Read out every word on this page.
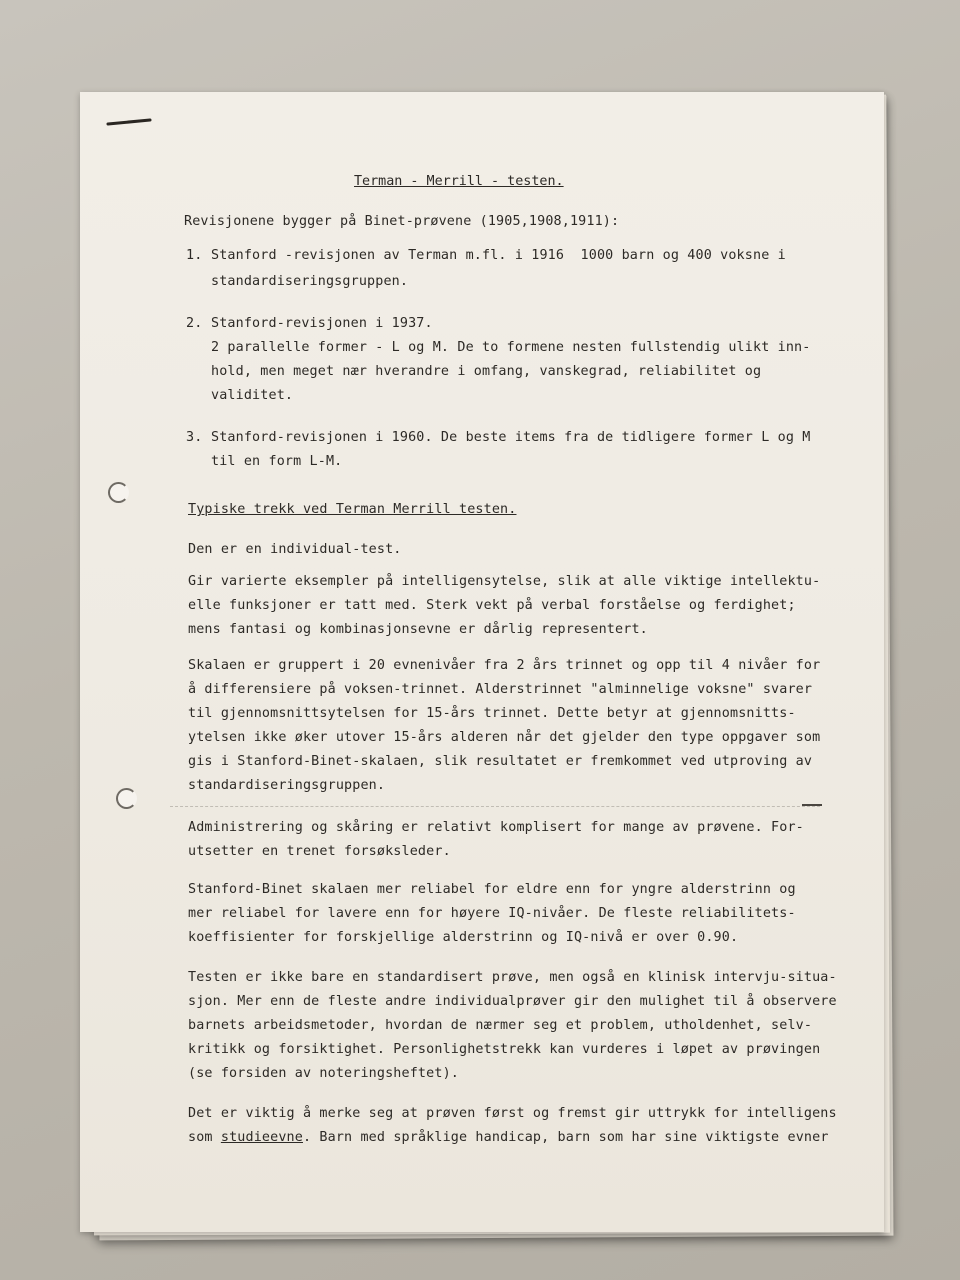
Terman - Merrill - testen.
Revisjonene bygger på Binet-prøvene (1905,1908,1911):
1. Stanford -revisjonen av Terman m.fl. i 1916  1000 barn og 400 voksne i
standardiseringsgruppen.
2. Stanford-revisjonen i 1937.
2 parallelle former - L og M. De to formene nesten fullstendig ulikt inn-
hold, men meget nær hverandre i omfang, vanskegrad, reliabilitet og
validitet.
3. Stanford-revisjonen i 1960. De beste items fra de tidligere former L og M
til en form L-M.
Typiske trekk ved Terman Merrill testen.
Den er en individual-test.
Gir varierte eksempler på intelligensytelse, slik at alle viktige intellektu-
elle funksjoner er tatt med. Sterk vekt på verbal forståelse og ferdighet;
mens fantasi og kombinasjonsevne er dårlig representert.
Skalaen er gruppert i 20 evnenivåer fra 2 års trinnet og opp til 4 nivåer for
å differensiere på voksen-trinnet. Alderstrinnet "alminnelige voksne" svarer
til gjennomsnittsytelsen for 15-års trinnet. Dette betyr at gjennomsnitts-
ytelsen ikke øker utover 15-års alderen når det gjelder den type oppgaver som
gis i Stanford-Binet-skalaen, slik resultatet er fremkommet ved utproving av
standardiseringsgruppen.
Administrering og skåring er relativt komplisert for mange av prøvene. For-
utsetter en trenet forsøksleder.
Stanford-Binet skalaen mer reliabel for eldre enn for yngre alderstrinn og
mer reliabel for lavere enn for høyere IQ-nivåer. De fleste reliabilitets-
koeffisienter for forskjellige alderstrinn og IQ-nivå er over 0.90.
Testen er ikke bare en standardisert prøve, men også en klinisk intervju-situa-
sjon. Mer enn de fleste andre individualprøver gir den mulighet til å observere
barnets arbeidsmetoder, hvordan de nærmer seg et problem, utholdenhet, selv-
kritikk og forsiktighet. Personlighetstrekk kan vurderes i løpet av prøvingen
(se forsiden av noteringsheftet).
Det er viktig å merke seg at prøven først og fremst gir uttrykk for intelligens
som studieevne. Barn med språklige handicap, barn som har sine viktigste evner
